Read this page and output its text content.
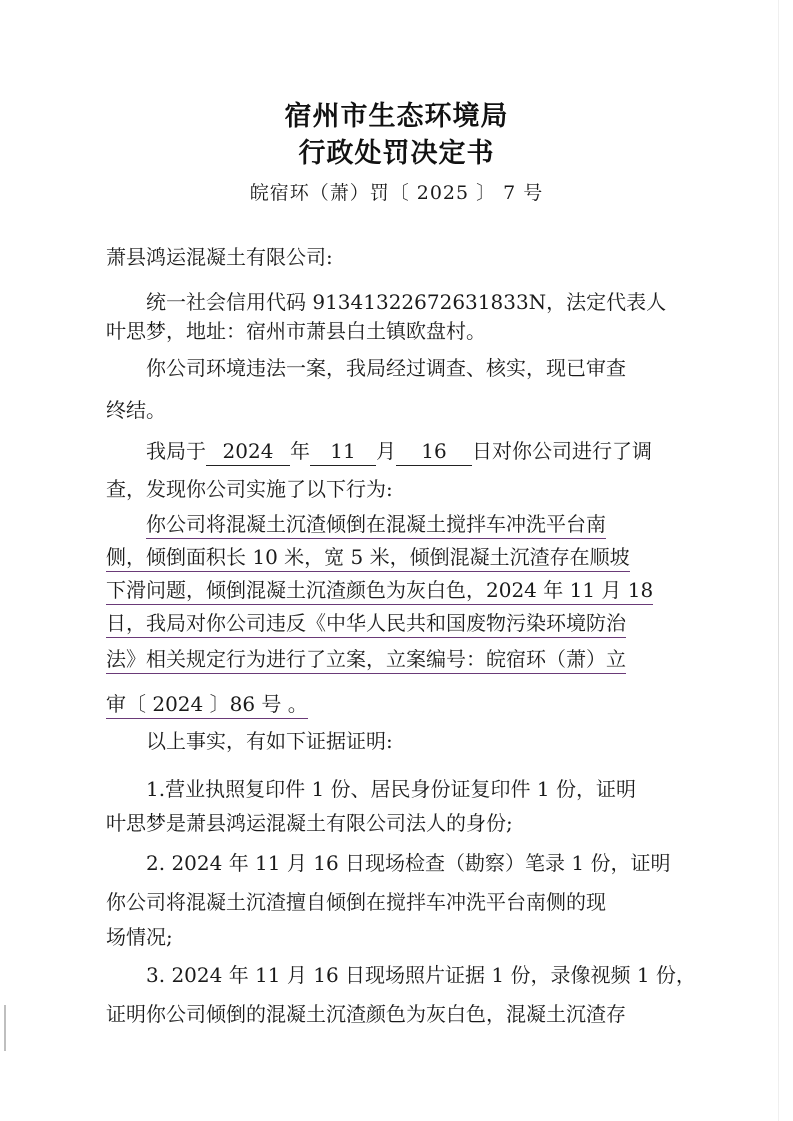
宿州市生态环境局
行政处罚决定书
皖宿环（萧）罚〔 2025 〕 7 号
萧县鸿运混凝土有限公司:
统一社会信用代码 91341322672631833N，法定代表人
叶思梦，地址：宿州市萧县白土镇欧盘村。
你公司环境违法一案，我局经过调查、核实，现已审查
终结。
我局于 2024 年 11 月 16 日对你公司进行了调
查，发现你公司实施了以下行为:
你公司将混凝土沉渣倾倒在混凝土搅拌车冲洗平台南
侧，倾倒面积长 10 米，宽 5 米，倾倒混凝土沉渣存在顺坡
下滑问题，倾倒混凝土沉渣颜色为灰白色，2024 年 11 月 18
日，我局对你公司违反《中华人民共和国废物污染环境防治
法》相关规定行为进行了立案，立案编号：皖宿环（萧）立
审〔 2024 〕86 号 。
以上事实，有如下证据证明:
1.营业执照复印件 1 份、居民身份证复印件 1 份，证明
叶思梦是萧县鸿运混凝土有限公司法人的身份;
2. 2024 年 11 月 16 日现场检查（勘察）笔录 1 份，证明
你公司将混凝土沉渣擅自倾倒在搅拌车冲洗平台南侧的现
场情况;
3. 2024 年 11 月 16 日现场照片证据 1 份，录像视频 1 份，
证明你公司倾倒的混凝土沉渣颜色为灰白色，混凝土沉渣存
